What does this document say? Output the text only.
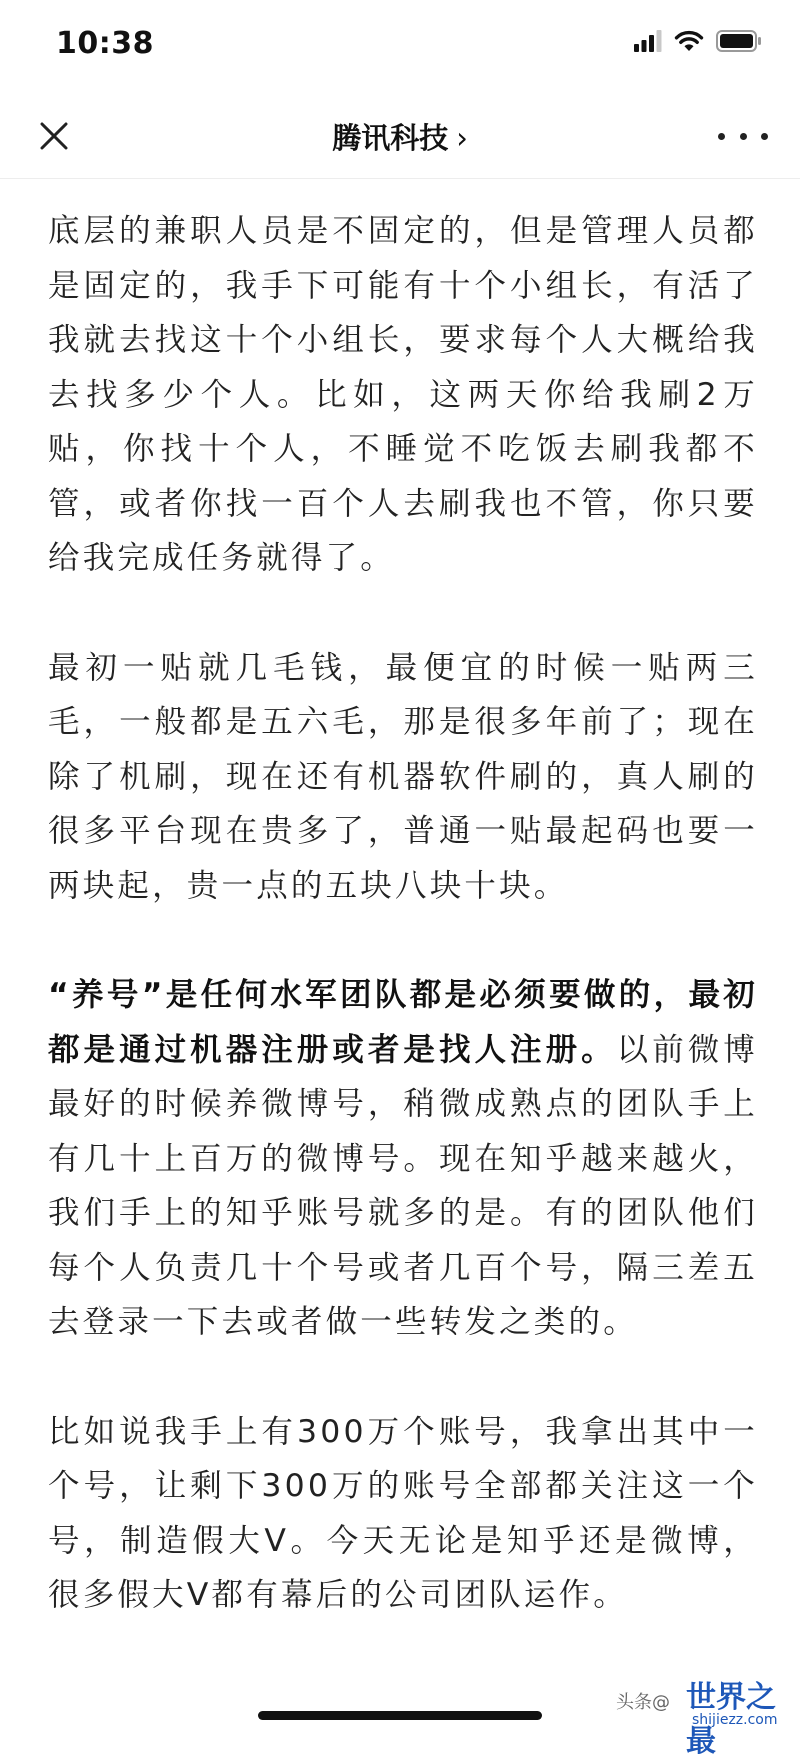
10:38
腾讯科技 ›

底层的兼职人员是不固定的，但是管理人员都是固定的，我手下可能有十个小组长，有活了我就去找这十个小组长，要求每个人大概给我去找多少个人。比如，这两天你给我刷2万贴，你找十个人，不睡觉不吃饭去刷我都不管，或者你找一百个人去刷我也不管，你只要给我完成任务就得了。

最初一贴就几毛钱，最便宜的时候一贴两三毛，一般都是五六毛，那是很多年前了；现在除了机刷，现在还有机器软件刷的，真人刷的很多平台现在贵多了，普通一贴最起码也要一两块起，贵一点的五块八块十块。

“养号”是任何水军团队都是必须要做的，最初都是通过机器注册或者是找人注册。以前微博最好的时候养微博号，稍微成熟点的团队手上有几十上百万的微博号。现在知乎越来越火，我们手上的知乎账号就多的是。有的团队他们每个人负责几十个号或者几百个号，隔三差五去登录一下去或者做一些转发之类的。

比如说我手上有300万个账号，我拿出其中一个号，让剩下300万的账号全部都关注这一个号，制造假大V。今天无论是知乎还是微博，很多假大V都有幕后的公司团队运作。

头条@ 世界之最
shijiezz.com
